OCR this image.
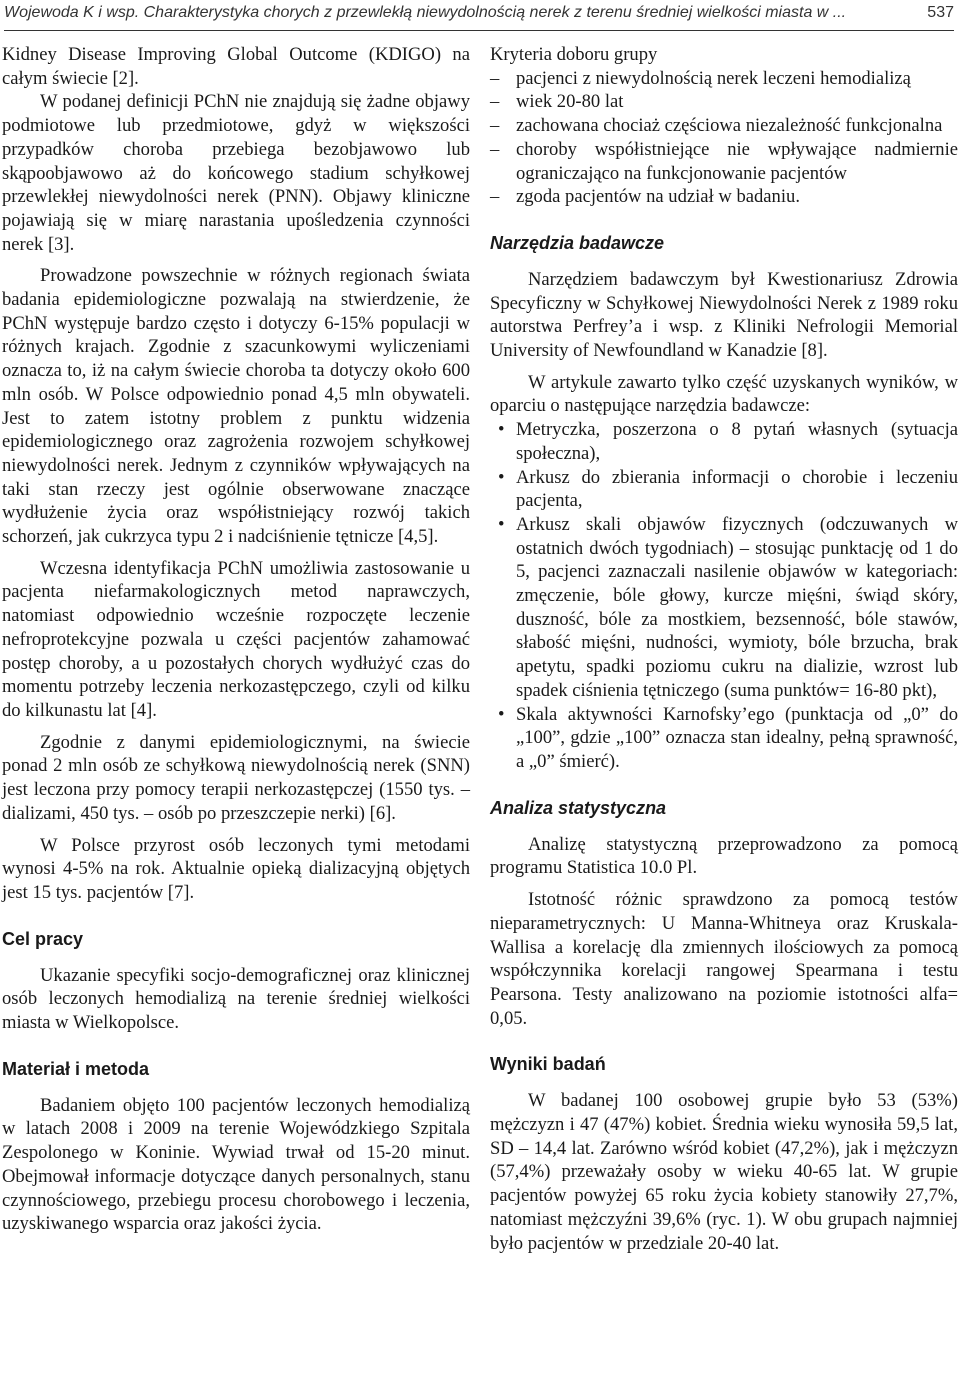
Wojewoda K i wsp. Charakterystyka chorych z przewlekłą niewydolnością nerek z terenu średniej wielkości miasta w ...	537

Kidney Disease Improving Global Outcome (KDIGO) na całym świecie [2].

W podanej definicji PChN nie znajdują się żadne objawy podmiotowe lub przedmiotowe, gdyż w większości przypadków choroba przebiega bezobjawowo lub skąpoobjawowo aż do końcowego stadium schyłkowej przewlekłej niewydolności nerek (PNN). Objawy kliniczne pojawiają się w miarę narastania upośledzenia czynności nerek [3].

Prowadzone powszechnie w różnych regionach świata badania epidemiologiczne pozwalają na stwierdzenie, że PChN występuje bardzo często i dotyczy 6-15% populacji w różnych krajach. Zgodnie z szacunkowymi wyliczeniami oznacza to, iż na całym świecie choroba ta dotyczy około 600 mln osób. W Polsce odpowiednio ponad 4,5 mln obywateli. Jest to zatem istotny problem z punktu widzenia epidemiologicznego oraz zagrożenia rozwojem schyłkowej niewydolności nerek. Jednym z czynników wpływających na taki stan rzeczy jest ogólnie obserwowane znaczące wydłużenie życia oraz współistniejący rozwój takich schorzeń, jak cukrzyca typu 2 i nadciśnienie tętnicze [4,5].

Wczesna identyfikacja PChN umożliwia zastosowanie u pacjenta niefarmakologicznych metod naprawczych, natomiast odpowiednio wcześnie rozpoczęte leczenie nefroprotekcyjne pozwala u części pacjentów zahamować postęp choroby, a u pozostałych chorych wydłużyć czas do momentu potrzeby leczenia nerkozastępczego, czyli od kilku do kilkunastu lat [4].

Zgodnie z danymi epidemiologicznymi, na świecie ponad 2 mln osób ze schyłkową niewydolnością nerek (SNN) jest leczona przy pomocy terapii nerkozastępczej (1550 tys. – dializami, 450 tys. – osób po przeszczepie nerki) [6].

W Polsce przyrost osób leczonych tymi metodami wynosi 4-5% na rok. Aktualnie opieką dializacyjną objętych jest 15 tys. pacjentów [7].

Cel pracy

Ukazanie specyfiki socjo-demograficznej oraz klinicznej osób leczonych hemodializą na terenie średniej wielkości miasta w Wielkopolsce.

Materiał i metoda

Badaniem objęto 100 pacjentów leczonych hemodializą w latach 2008 i 2009 na terenie Wojewódzkiego Szpitala Zespolonego w Koninie. Wywiad trwał od 15-20 minut. Obejmował informacje dotyczące danych personalnych, stanu czynnościowego, przebiegu procesu chorobowego i leczenia, uzyskiwanego wsparcia oraz jakości życia.

Kryteria doboru grupy

– pacjenci z niewydolnością nerek leczeni hemodializą
– wiek 20-80 lat
– zachowana chociaż częściowa niezależność funkcjonalna
– choroby współistniejące nie wpływające nadmiernie ograniczająco na funkcjonowanie pacjentów
– zgoda pacjentów na udział w badaniu.
Narzędzia badawcze

Narzędziem badawczym był Kwestionariusz Zdrowia Specyficzny w Schyłkowej Niewydolności Nerek z 1989 roku autorstwa Perfrey’a i wsp. z Kliniki Nefrologii Memorial University of Newfoundland w Kanadzie [8].

W artykule zawarto tylko część uzyskanych wyników, w oparciu o następujące narzędzia badawcze:

• Metryczka, poszerzona o 8 pytań własnych (sytuacja społeczna),
• Arkusz do zbierania informacji o chorobie i leczeniu pacjenta,
• Arkusz skali objawów fizycznych (odczuwanych w ostatnich dwóch tygodniach) – stosując punktację od 1 do 5, pacjenci zaznaczali nasilenie objawów w kategoriach: zmęczenie, bóle głowy, kurcze mięśni, świąd skóry, duszność, bóle za mostkiem, bezsenność, bóle stawów, słabość mięśni, nudności, wymioty, bóle brzucha, brak apetytu, spadki poziomu cukru na dializie, wzrost lub spadek ciśnienia tętniczego (suma punktów= 16-80 pkt),
• Skala aktywności Karnofsky’ego (punktacja od „0” do „100”, gdzie „100” oznacza stan idealny, pełną sprawność, a „0” śmierć).
Analiza statystyczna

Analizę statystyczną przeprowadzono za pomocą programu Statistica 10.0 Pl.

Istotność różnic sprawdzono za pomocą testów nieparametrycznych: U Manna-Whitneya oraz Kruskala-Wallisa a korelację dla zmiennych ilościowych za pomocą współczynnika korelacji rangowej Spearmana i testu Pearsona. Testy analizowano na poziomie istotności alfa= 0,05.

Wyniki badań

W badanej 100 osobowej grupie było 53 (53%) mężczyzn i 47 (47%) kobiet. Średnia wieku wynosiła 59,5 lat, SD – 14,4 lat. Zarówno wśród kobiet (47,2%), jak i mężczyzn (57,4%) przeważały osoby w wieku 40-65 lat. W grupie pacjentów powyżej 65 roku życia kobiety stanowiły 27,7%, natomiast mężczyźni 39,6% (ryc. 1). W obu grupach najmniej było pacjentów w przedziale 20-40 lat.
